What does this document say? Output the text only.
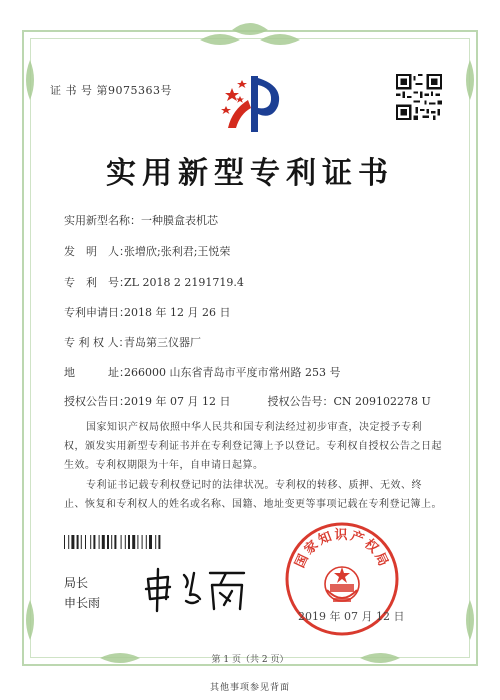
证 书 号 第9075363号
实用新型专利证书
实用新型名称：一种膜盒表机芯
发　明　人：张增欣;张利君;王悦荣
专　利　号：ZL 2018 2 2191719.4
专利申请日：2018 年 12 月 26 日
专 利 权 人：青岛第三仪器厂
地　　　址：266000 山东省青岛市平度市常州路 253 号
授权公告日：2019 年 07 月 12 日	授权公告号：CN 209102278 U
国家知识产权局依照中华人民共和国专利法经过初步审查，决定授予专利权，颁发实用新型专利证书并在专利登记簿上予以登记。专利权自授权公告之日起生效。专利权期限为十年，自申请日起算。
专利证书记载专利权登记时的法律状况。专利权的转移、质押、无效、终止、恢复和专利权人的姓名或名称、国籍、地址变更等事项记载在专利登记簿上。
局长
申长雨
国家知识产权局
2019 年 07 月 12 日
第 1 页（共 2 页）
其他事项参见背面
